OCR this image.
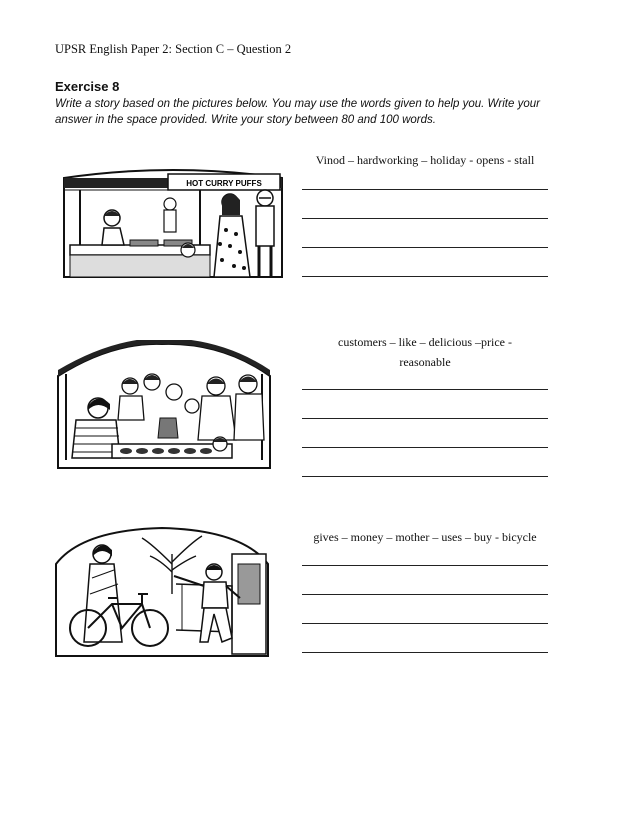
UPSR English Paper 2: Section C – Question 2
Exercise 8
Write a story based on the pictures below. You may use the words given to help you. Write your answer in the space provided. Write your story between 80 and 100 words.
HOT CURRY PUFFS
Vinod – hardworking – holiday - opens - stall
customers – like – delicious –price -
reasonable
gives – money – mother – uses – buy - bicycle
